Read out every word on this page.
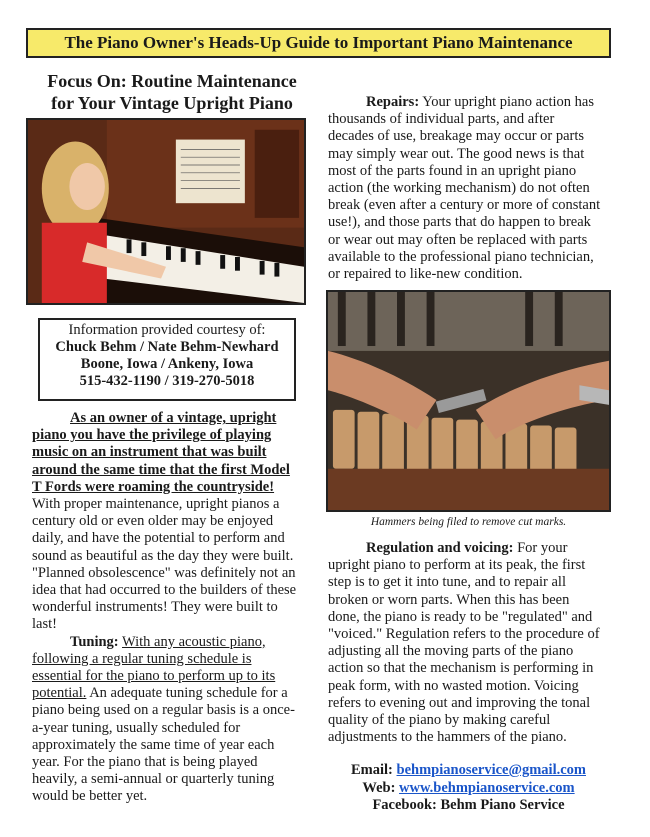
The Piano Owner's Heads-Up Guide to Important Piano Maintenance
Focus On: Routine Maintenance
for Your Vintage Upright Piano
Information provided courtesy of:
Chuck Behm / Nate Behm-Newhard
Boone, Iowa / Ankeny, Iowa
515-432-1190 / 319-270-5018

As an owner of a vintage, upright piano you have the privilege of playing music on an instrument that was built around the same time that the first Model T Fords were roaming the countryside! With proper maintenance, upright pianos a century old or even older may be enjoyed daily, and have the potential to perform and sound as beautiful as the day they were built. "Planned obsolescence" was definitely not an idea that had occurred to the builders of these wonderful instruments! They were built to last!

Tuning: With any acoustic piano, following a regular tuning schedule is essential for the piano to perform up to its potential. An adequate tuning schedule for a piano being used on a regular basis is a once-a-year tuning, usually scheduled for approximately the same time of year each year. For the piano that is being played heavily, a semi-annual or quarterly tuning would be better yet.

Repairs: Your upright piano action has thousands of individual parts, and after decades of use, breakage may occur or parts may simply wear out. The good news is that most of the parts found in an upright piano action (the working mechanism) do not often break (even after a century or more of constant use!), and those parts that do happen to break or wear out may often be replaced with parts available to the professional piano technician, or repaired to like-new condition.

Hammers being filed to remove cut marks.

Regulation and voicing: For your upright piano to perform at its peak, the first step is to get it into tune, and to repair all broken or worn parts. When this has been done, the piano is ready to be "regulated" and "voiced." Regulation refers to the procedure of adjusting all the moving parts of the piano action so that the mechanism is performing in peak form, with no wasted motion. Voicing refers to evening out and improving the tonal quality of the piano by making careful adjustments to the hammers of the piano.

Email: behmpianoservice@gmail.com
Web: www.behmpianoservice.com
Facebook: Behm Piano Service
